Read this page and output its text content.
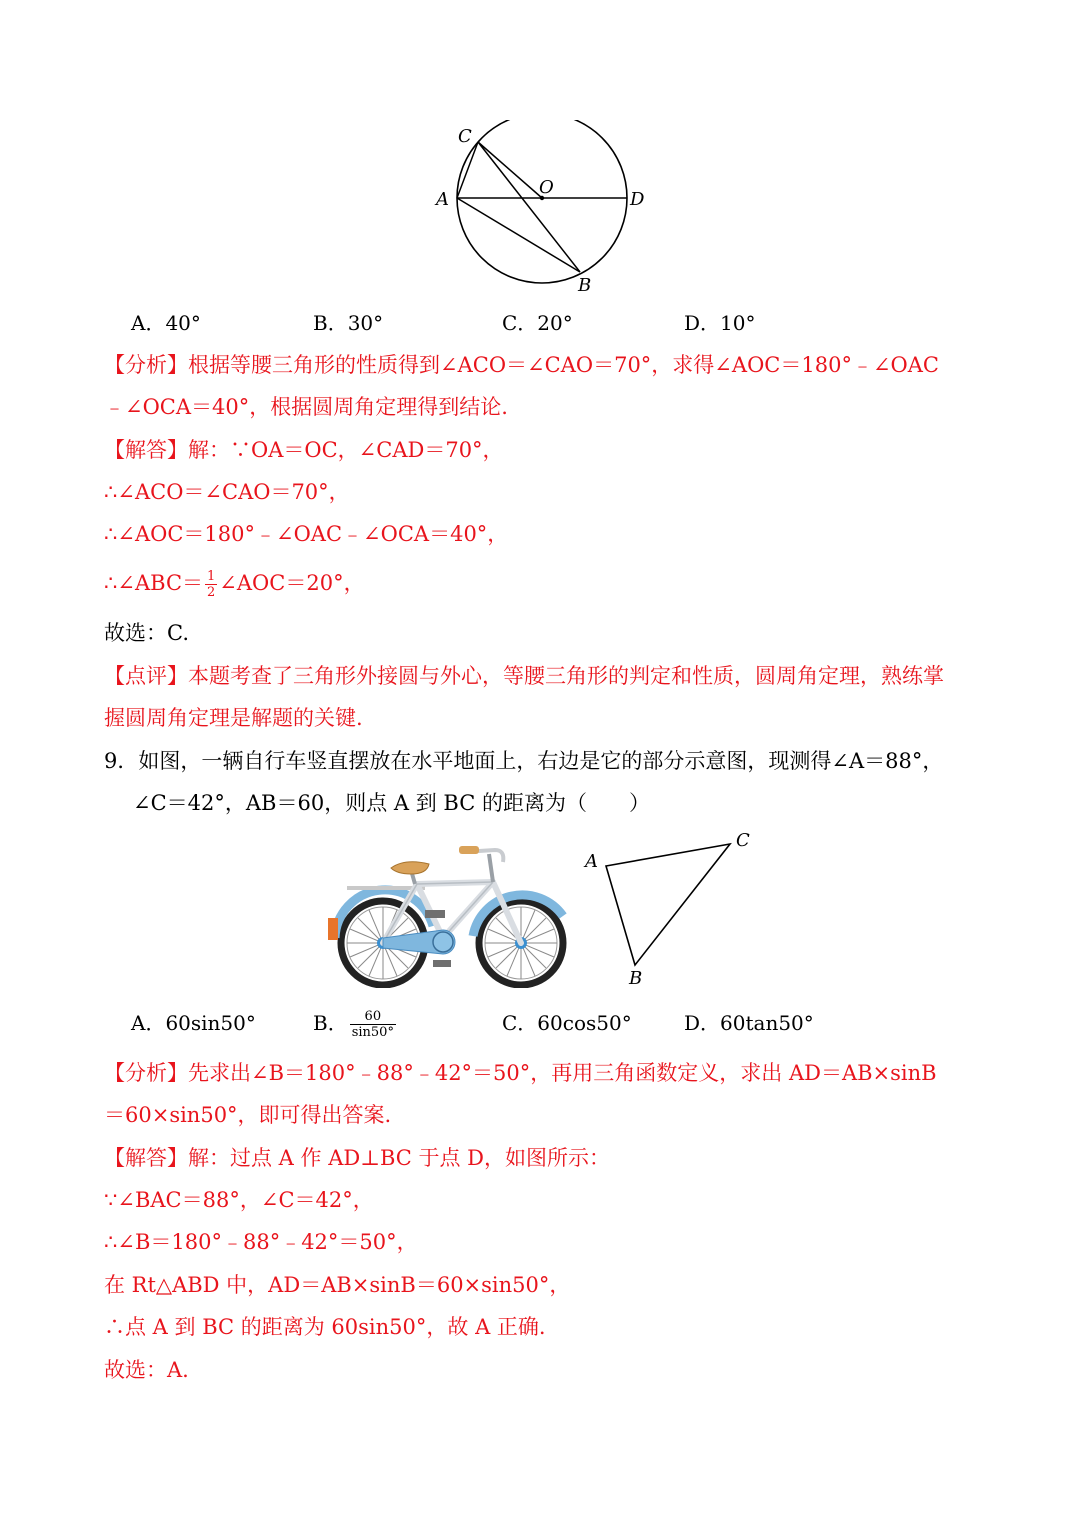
C
O
A	D
B
A．40°	B．30°	C．20°	D．10°
【分析】根据等腰三角形的性质得到∠ACO＝∠CAO＝70°，求得∠AOC＝180°﹣∠OAC
﹣∠OCA＝40°，根据圆周角定理得到结论.
【解答】解：∵OA＝OC，∠CAD＝70°，
∴∠ACO＝∠CAO＝70°，
∴∠AOC＝180°﹣∠OAC﹣∠OCA＝40°，
∴∠ABC＝ $\frac{1}{2}$ ∠AOC＝20°，
故选：C.
【点评】本题考查了三角形外接圆与外心，等腰三角形的判定和性质，圆周角定理，熟练掌
握圆周角定理是解题的关键.
9．如图，一辆自行车竖直摆放在水平地面上，右边是它的部分示意图，现测得∠A＝88°，
∠C＝42°，AB＝60，则点 A 到 BC 的距离为（　　）
A
C
B
A．60sin50°	B． $\frac{60}{\sin 50^\circ}$	C．60cos50°	D．60tan50°
【分析】先求出∠B＝180°﹣88°﹣42°＝50°，再用三角函数定义，求出 AD＝AB×sinB
＝60×sin50°，即可得出答案.
【解答】解：过点 A 作 AD⊥BC 于点 D，如图所示：
∵∠BAC＝88°，∠C＝42°，
∴∠B＝180°﹣88°﹣42°＝50°，
在 Rt△ABD 中，AD＝AB×sinB＝60×sin50°，
∴点 A 到 BC 的距离为 60sin50°，故 A 正确.
故选：A.
